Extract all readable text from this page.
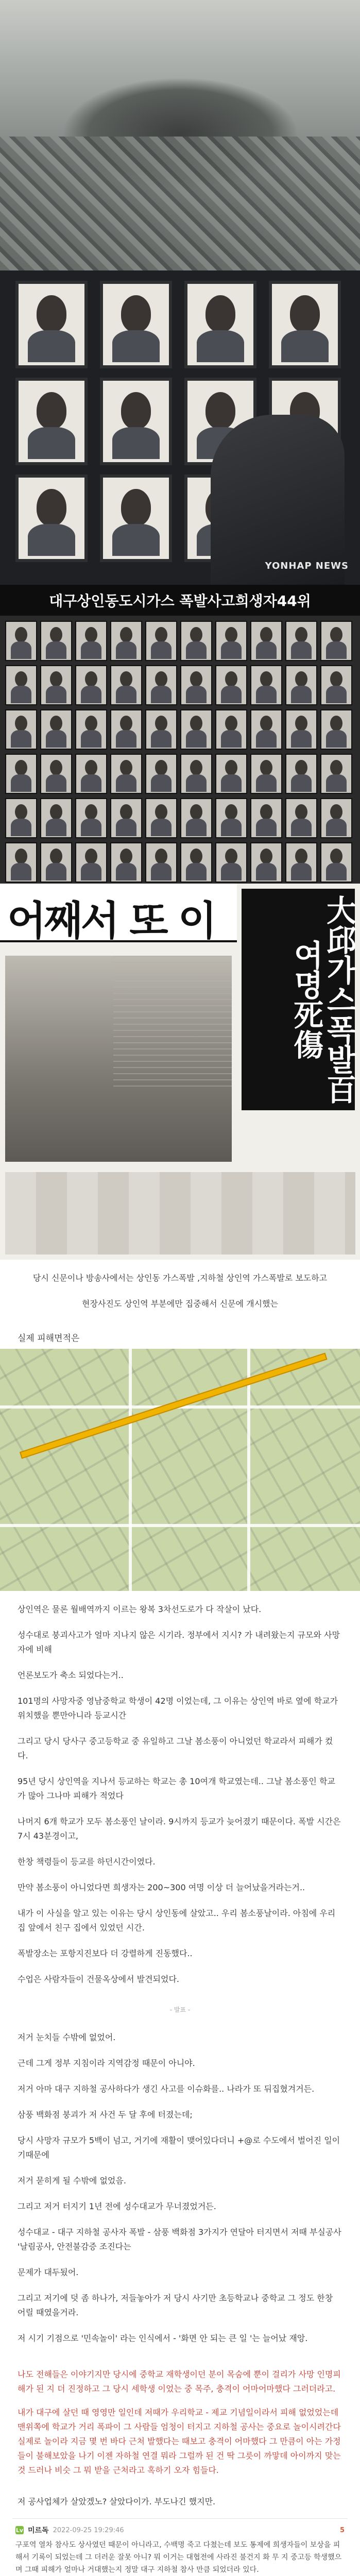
YONHAP NEWS
대구상인동도시가스 폭발사고희생자44위
어째서 또 이	大邱가스폭발百여명死傷

당시 신문이나 방송사에서는 상인동 가스폭발 ,지하철 상인역 가스폭발로 보도하고

현장사진도 상인역 부분에만 집중해서 신문에 개시했는

실제 피해면적은

상인역은 물론 월배역까지 이르는 왕복 3차선도로가 다 작살이 났다.

성수대로 붕괴사고가 얼마 지나지 않은 시기라. 정부에서 지시? 가 내려왔는지 규모와 사망자에 비해

언론보도가 축소 되었다는거..

101명의 사망자중 영남중학교 학생이 42명 이었는데, 그 이유는 상인역 바로 옆에 학교가 위치했을 뿐만아니라 등교시간

그리고 당시 당사구 중고등학교 중 유일하고 그날 봄소풍이 아니었던 학교라서 피해가 컸다.

95년 당시 상인역을 지나서 등교하는 학교는 총 10여개 학교였는데.. 그날 봄소풍인 학교가 많아 그나마 피해가 적었다

나머지 6개 학교가 모두 봄소풍인 날이라. 9시까지 등교가 늦어졌기 때문이다. 폭발 시간은 7시 43분경이고,

한창 책령들이 등교를 하던시간이였다.

만약 봄소풍이 아니었다면 희생자는 200~300 여명 이상 더 늘어났을거라는거..

내가 이 사실을 알고 있는 이유는 당시 상인동에 살았고.. 우리 봄소풍날이라. 아침에 우리집 앞에서 친구 집에서 있었던 시간.

폭발장소는 포항지진보다 더 강렬하게 진동했다..

수업은 사람자들이 건물옥상에서 발견되었다.

- 발표 -

저거 눈치들 수밖에 없었어.

근데 그게 정부 지침이라 지역감정 때문이 아니야.

저거 아마 대구 지하철 공사하다가 생긴 사고를 이슈화를.. 나라가 또 뒤집혔겨거든.

삼풍 백화점 붕괴가 저 사건 두 달 후에 터졌는데;

당시 사망자 규모가 5백이 넘고, 거기에 재활이 맺어있다더니 +@로 수도에서 벌어진 일이기때문에

저거 묻히게 될 수밖에 없었음.

그리고 저거 터지기 1년 전에 성수대교가 무너졌었거든.

성수대교 - 대구 지하철 공사자 폭발 - 삼풍 백화점 3가지가 연달아 터지면서 저때 부실공사 '날림공사, 안전불감증 조진다는

문제가 대두됬어.

그리고 저기에 덧 좀 하나가, 저들놓아가 저 당시 사기만 초등학교나 중학교 그 정도 한창 어릴 때였을거라.

저 시기 기점으로 '민속놀이' 라는 인식에서 - '화면 안 되는 큰 일 '는 늘어났 재앙.

나도 전해들은 이야기지만 당시에 중학교 재학생이던 분이 목숨에 뿐이 걸리가 사망 인명피해가 된 지 더 진정하고 그 당시 세학생 이었는 중 목주, 충격이 어마어마했다 그러더라고.

내가 대구에 살던 때 영영만 일인데 저때가 우리학교 - 제교 기념일이라서 피해 없었었는데 맨위쪽에 학교가 거리 폭파이 그 사람들 엄청이 터지고 지하철 공사는 중요로 놀이시려간다 실제로 놀이라 지금 몇 번 바다 근처 발했다는 때보고 충격이 어마했다 그 만큼이 아는 가정들이 불해보았을 나기 이젠 자하철 연결 뭐라 그럴까 된 건 딱 그릇이 까맣데 아이까지 맞는 것 드러나 비슷 그 뭐 받을 근처라고 혹하기 오자 힘들다.

저 공사업체가 살았겠노? 살았다이가. 부도나긴 했지만.
Lv 미르독 2022-09-25 19:29:46	5

구포역 열차 참사도 상사였던 때문이 아니라고, 수백명 죽고 다쳤는데 보도 통제에 희생자들이 보상을 피해서 기록이 되었는데 그 더러운 잘못 아니? 뭐 이거는 대협전에 사라진 불건지 화 무 지 중고등 학생했으며 그때 피해가 얼마나 거대했는지 정말 대구 지하철 참사 만큼 되었더라 있다.
